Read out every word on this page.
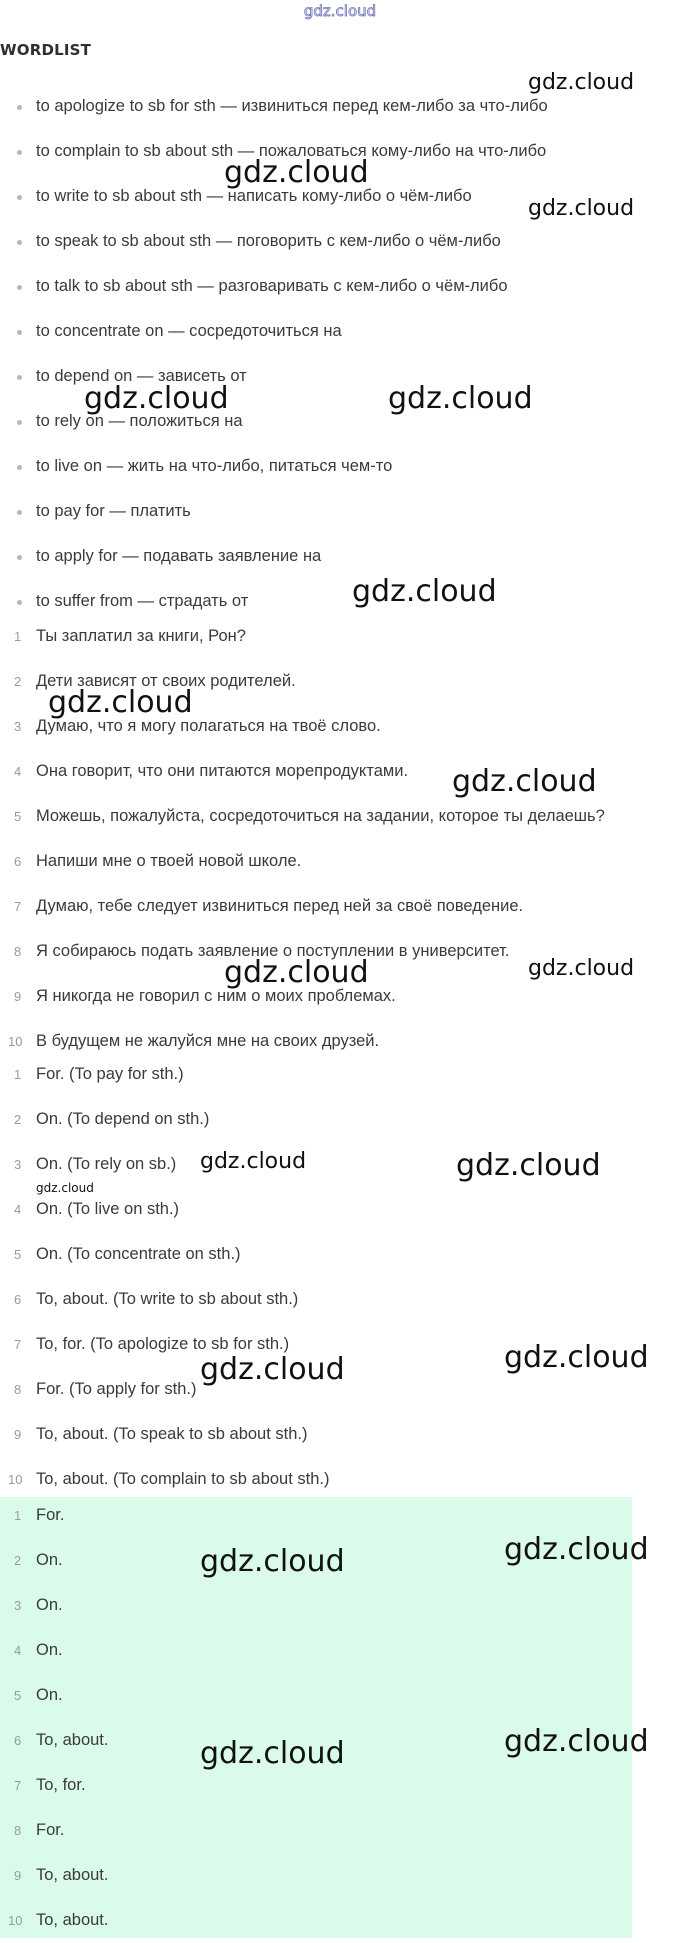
gdz.cloud
WORDLIST
to apologize to sb for sth — извиниться перед кем-либо за что-либо
to complain to sb about sth — пожаловаться кому-либо на что-либо
to write to sb about sth — написать кому-либо о чём-либо
to speak to sb about sth — поговорить с кем-либо о чём-либо
to talk to sb about sth — разговаривать с кем-либо о чём-либо
to concentrate on — сосредоточиться на
to depend on — зависеть от
to rely on — положиться на
to live on — жить на что-либо, питаться чем-то
to pay for — платить
to apply for — подавать заявление на
to suffer from — страдать от
1 Ты заплатил за книги, Рон?
2 Дети зависят от своих родителей.
3 Думаю, что я могу полагаться на твоё слово.
4 Она говорит, что они питаются морепродуктами.
5 Можешь, пожалуйста, сосредоточиться на задании, которое ты делаешь?
6 Напиши мне о твоей новой школе.
7 Думаю, тебе следует извиниться перед ней за своё поведение.
8 Я собираюсь подать заявление о поступлении в университет.
9 Я никогда не говорил с ним о моих проблемах.
10 В будущем не жалуйся мне на своих друзей.
1 For. (To pay for sth.)
2 On. (To depend on sth.)
3 On. (To rely on sb.)
4 On. (To live on sth.)
5 On. (To concentrate on sth.)
6 To, about. (To write to sb about sth.)
7 To, for. (To apologize to sb for sth.)
8 For. (To apply for sth.)
9 To, about. (To speak to sb about sth.)
10 To, about. (To complain to sb about sth.)
1 For.
2 On.
3 On.
4 On.
5 On.
6 To, about.
7 To, for.
8 For.
9 To, about.
10 To, about.
gdz.cloud
gdz.cloud
gdz.cloud
gdz.cloud	gdz.cloud
gdz.cloud
gdz.cloud
gdz.cloud
gdz.cloud	gdz.cloud
gdz.cloud	gdz.cloud
gdz.cloud
gdz.cloud
gdz.cloud
gdz.cloud
gdz.cloud
gdz.cloud
gdz.cloud
